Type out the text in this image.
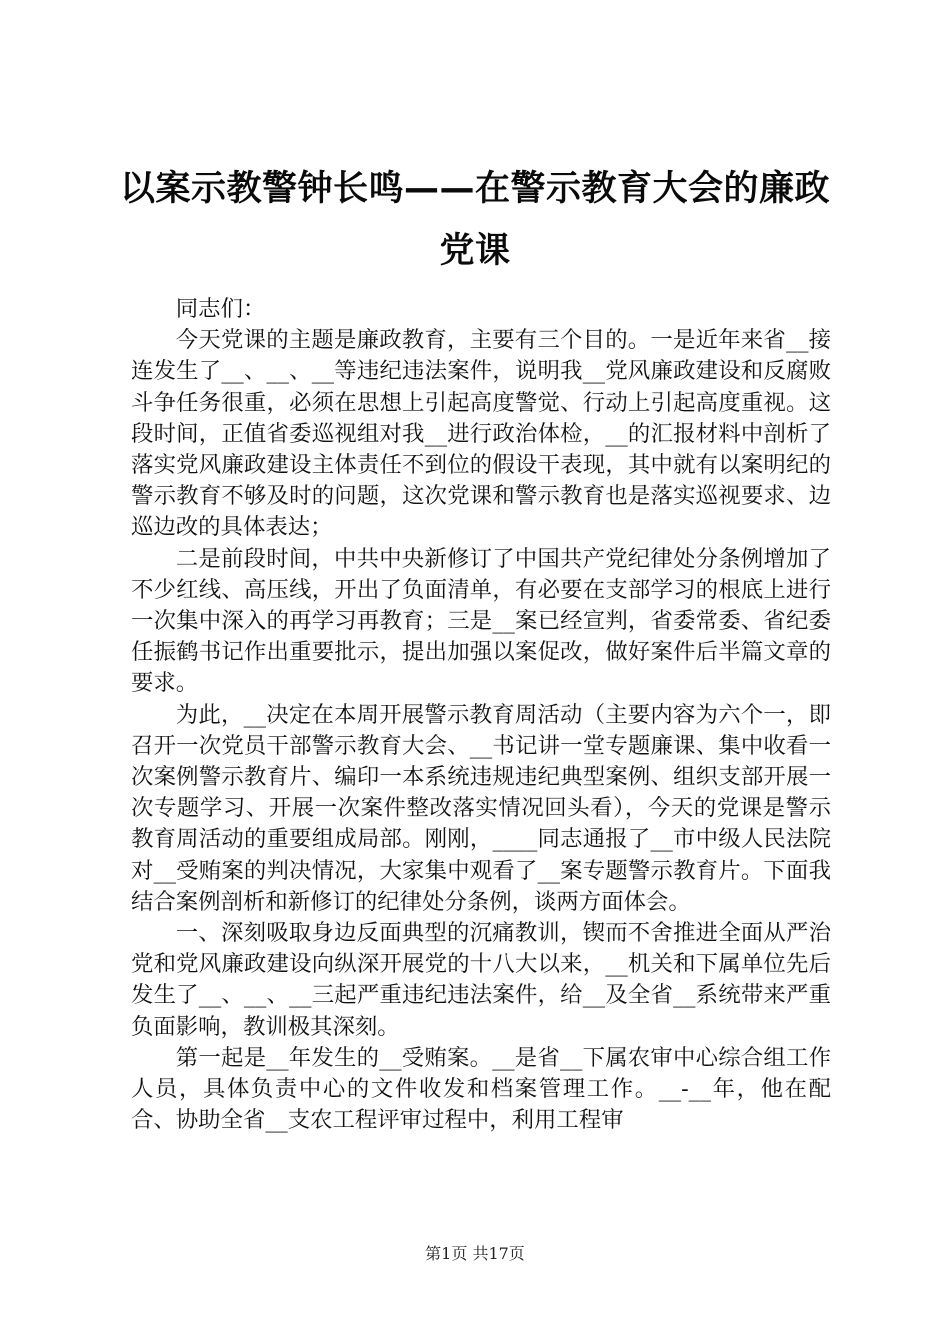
以案示教警钟长鸣——在警示教育大会的廉政党课

同志们：

今天党课的主题是廉政教育，主要有三个目的。一是近年来省__接连发生了__、__、__等违纪违法案件，说明我__党风廉政建设和反腐败斗争任务很重，必须在思想上引起高度警觉、行动上引起高度重视。这段时间，正值省委巡视组对我__进行政治体检，__的汇报材料中剖析了落实党风廉政建设主体责任不到位的假设干表现，其中就有以案明纪的警示教育不够及时的问题，这次党课和警示教育也是落实巡视要求、边巡边改的具体表达；

二是前段时间，中共中央新修订了中国共产党纪律处分条例增加了不少红线、高压线，开出了负面清单，有必要在支部学习的根底上进行一次集中深入的再学习再教育；三是__案已经宣判，省委常委、省纪委任振鹤书记作出重要批示，提出加强以案促改，做好案件后半篇文章的要求。

为此，__决定在本周开展警示教育周活动（主要内容为六个一，即召开一次党员干部警示教育大会、__书记讲一堂专题廉课、集中收看一次案例警示教育片、编印一本系统违规违纪典型案例、组织支部开展一次专题学习、开展一次案件整改落实情况回头看），今天的党课是警示教育周活动的重要组成局部。刚刚，____同志通报了__市中级人民法院对__受贿案的判决情况，大家集中观看了__案专题警示教育片。下面我结合案例剖析和新修订的纪律处分条例，谈两方面体会。

一、深刻吸取身边反面典型的沉痛教训，锲而不舍推进全面从严治党和党风廉政建设向纵深开展党的十八大以来，__机关和下属单位先后发生了__、__、__三起严重违纪违法案件，给__及全省__系统带来严重负面影响，教训极其深刻。

第一起是__年发生的__受贿案。__是省__下属农审中心综合组工作人员，具体负责中心的文件收发和档案管理工作。__-__年，他在配合、协助全省__支农工程评审过程中，利用工程审

第1页 共17页
